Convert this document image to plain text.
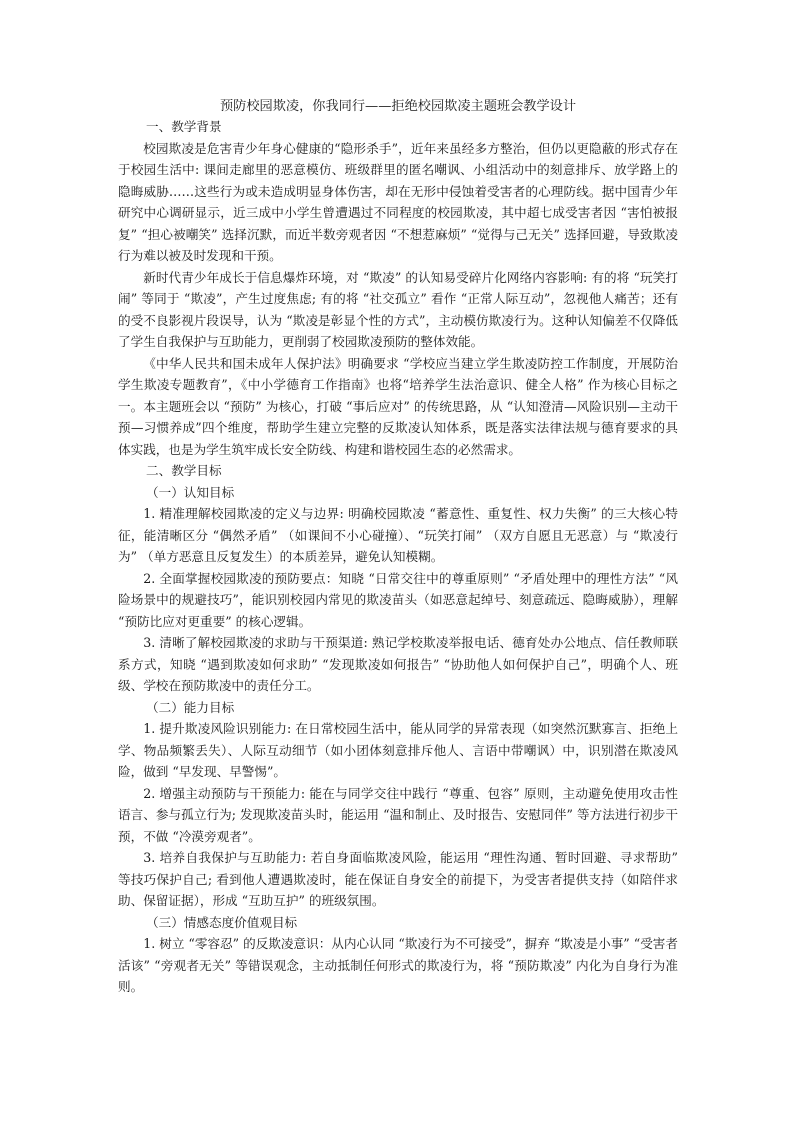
预防校园欺凌，你我同行——拒绝校园欺凌主题班会教学设计

一、教学背景

校园欺凌是危害青少年身心健康的“隐形杀手”，近年来虽经多方整治，但仍以更隐蔽的形式存在于校园生活中: 课间走廊里的恶意模仿、班级群里的匿名嘲讽、小组活动中的刻意排斥、放学路上的隐晦威胁……这些行为或未造成明显身体伤害，却在无形中侵蚀着受害者的心理防线。据中国青少年研究中心调研显示，近三成中小学生曾遭遇过不同程度的校园欺凌，其中超七成受害者因 “害怕被报复” “担心被嘲笑” 选择沉默，而近半数旁观者因 “不想惹麻烦” “觉得与己无关” 选择回避，导致欺凌行为难以被及时发现和干预。

新时代青少年成长于信息爆炸环境，对 “欺凌” 的认知易受碎片化网络内容影响: 有的将 “玩笑打闹” 等同于 “欺凌”，产生过度焦虑; 有的将 “社交孤立” 看作 “正常人际互动”，忽视他人痛苦；还有的受不良影视片段误导，认为 “欺凌是彰显个性的方式”，主动模仿欺凌行为。这种认知偏差不仅降低了学生自我保护与互助能力，更削弱了校园欺凌预防的整体效能。

《中华人民共和国未成年人保护法》明确要求 “学校应当建立学生欺凌防控工作制度，开展防治学生欺凌专题教育”，《中小学德育工作指南》也将“培养学生法治意识、健全人格” 作为核心目标之一。本主题班会以 “预防” 为核心，打破 “事后应对” 的传统思路，从 “认知澄清—风险识别—主动干预—习惯养成”四个维度，帮助学生建立完整的反欺凌认知体系，既是落实法律法规与德育要求的具体实践，也是为学生筑牢成长安全防线、构建和谐校园生态的必然需求。

二、教学目标

（一）认知目标

1. 精准理解校园欺凌的定义与边界: 明确校园欺凌 “蓄意性、重复性、权力失衡” 的三大核心特征，能清晰区分 “偶然矛盾” （如课间不小心碰撞）、“玩笑打闹” （双方自愿且无恶意）与 “欺凌行为” （单方恶意且反复发生）的本质差异，避免认知模糊。

2. 全面掌握校园欺凌的预防要点：知晓 “日常交往中的尊重原则” “矛盾处理中的理性方法” “风险场景中的规避技巧”，能识别校园内常见的欺凌苗头（如恶意起绰号、刻意疏远、隐晦威胁），理解 “预防比应对更重要” 的核心逻辑。

3. 清晰了解校园欺凌的求助与干预渠道: 熟记学校欺凌举报电话、德育处办公地点、信任教师联系方式，知晓 “遇到欺凌如何求助” “发现欺凌如何报告” “协助他人如何保护自己”，明确个人、班级、学校在预防欺凌中的责任分工。

（二）能力目标

1. 提升欺凌风险识别能力: 在日常校园生活中，能从同学的异常表现（如突然沉默寡言、拒绝上学、物品频繁丢失）、人际互动细节（如小团体刻意排斥他人、言语中带嘲讽）中，识别潜在欺凌风险，做到 “早发现、早警惕”。

2. 增强主动预防与干预能力: 能在与同学交往中践行 “尊重、包容” 原则，主动避免使用攻击性语言、参与孤立行为; 发现欺凌苗头时，能运用 “温和制止、及时报告、安慰同伴” 等方法进行初步干预，不做 “冷漠旁观者”。

3. 培养自我保护与互助能力: 若自身面临欺凌风险，能运用 “理性沟通、暂时回避、寻求帮助” 等技巧保护自己; 看到他人遭遇欺凌时，能在保证自身安全的前提下，为受害者提供支持（如陪伴求助、保留证据），形成 “互助互护” 的班级氛围。

（三）情感态度价值观目标

1. 树立 “零容忍” 的反欺凌意识：从内心认同 “欺凌行为不可接受”，摒弃 “欺凌是小事” “受害者活该” “旁观者无关” 等错误观念，主动抵制任何形式的欺凌行为，将 “预防欺凌” 内化为自身行为准则。
